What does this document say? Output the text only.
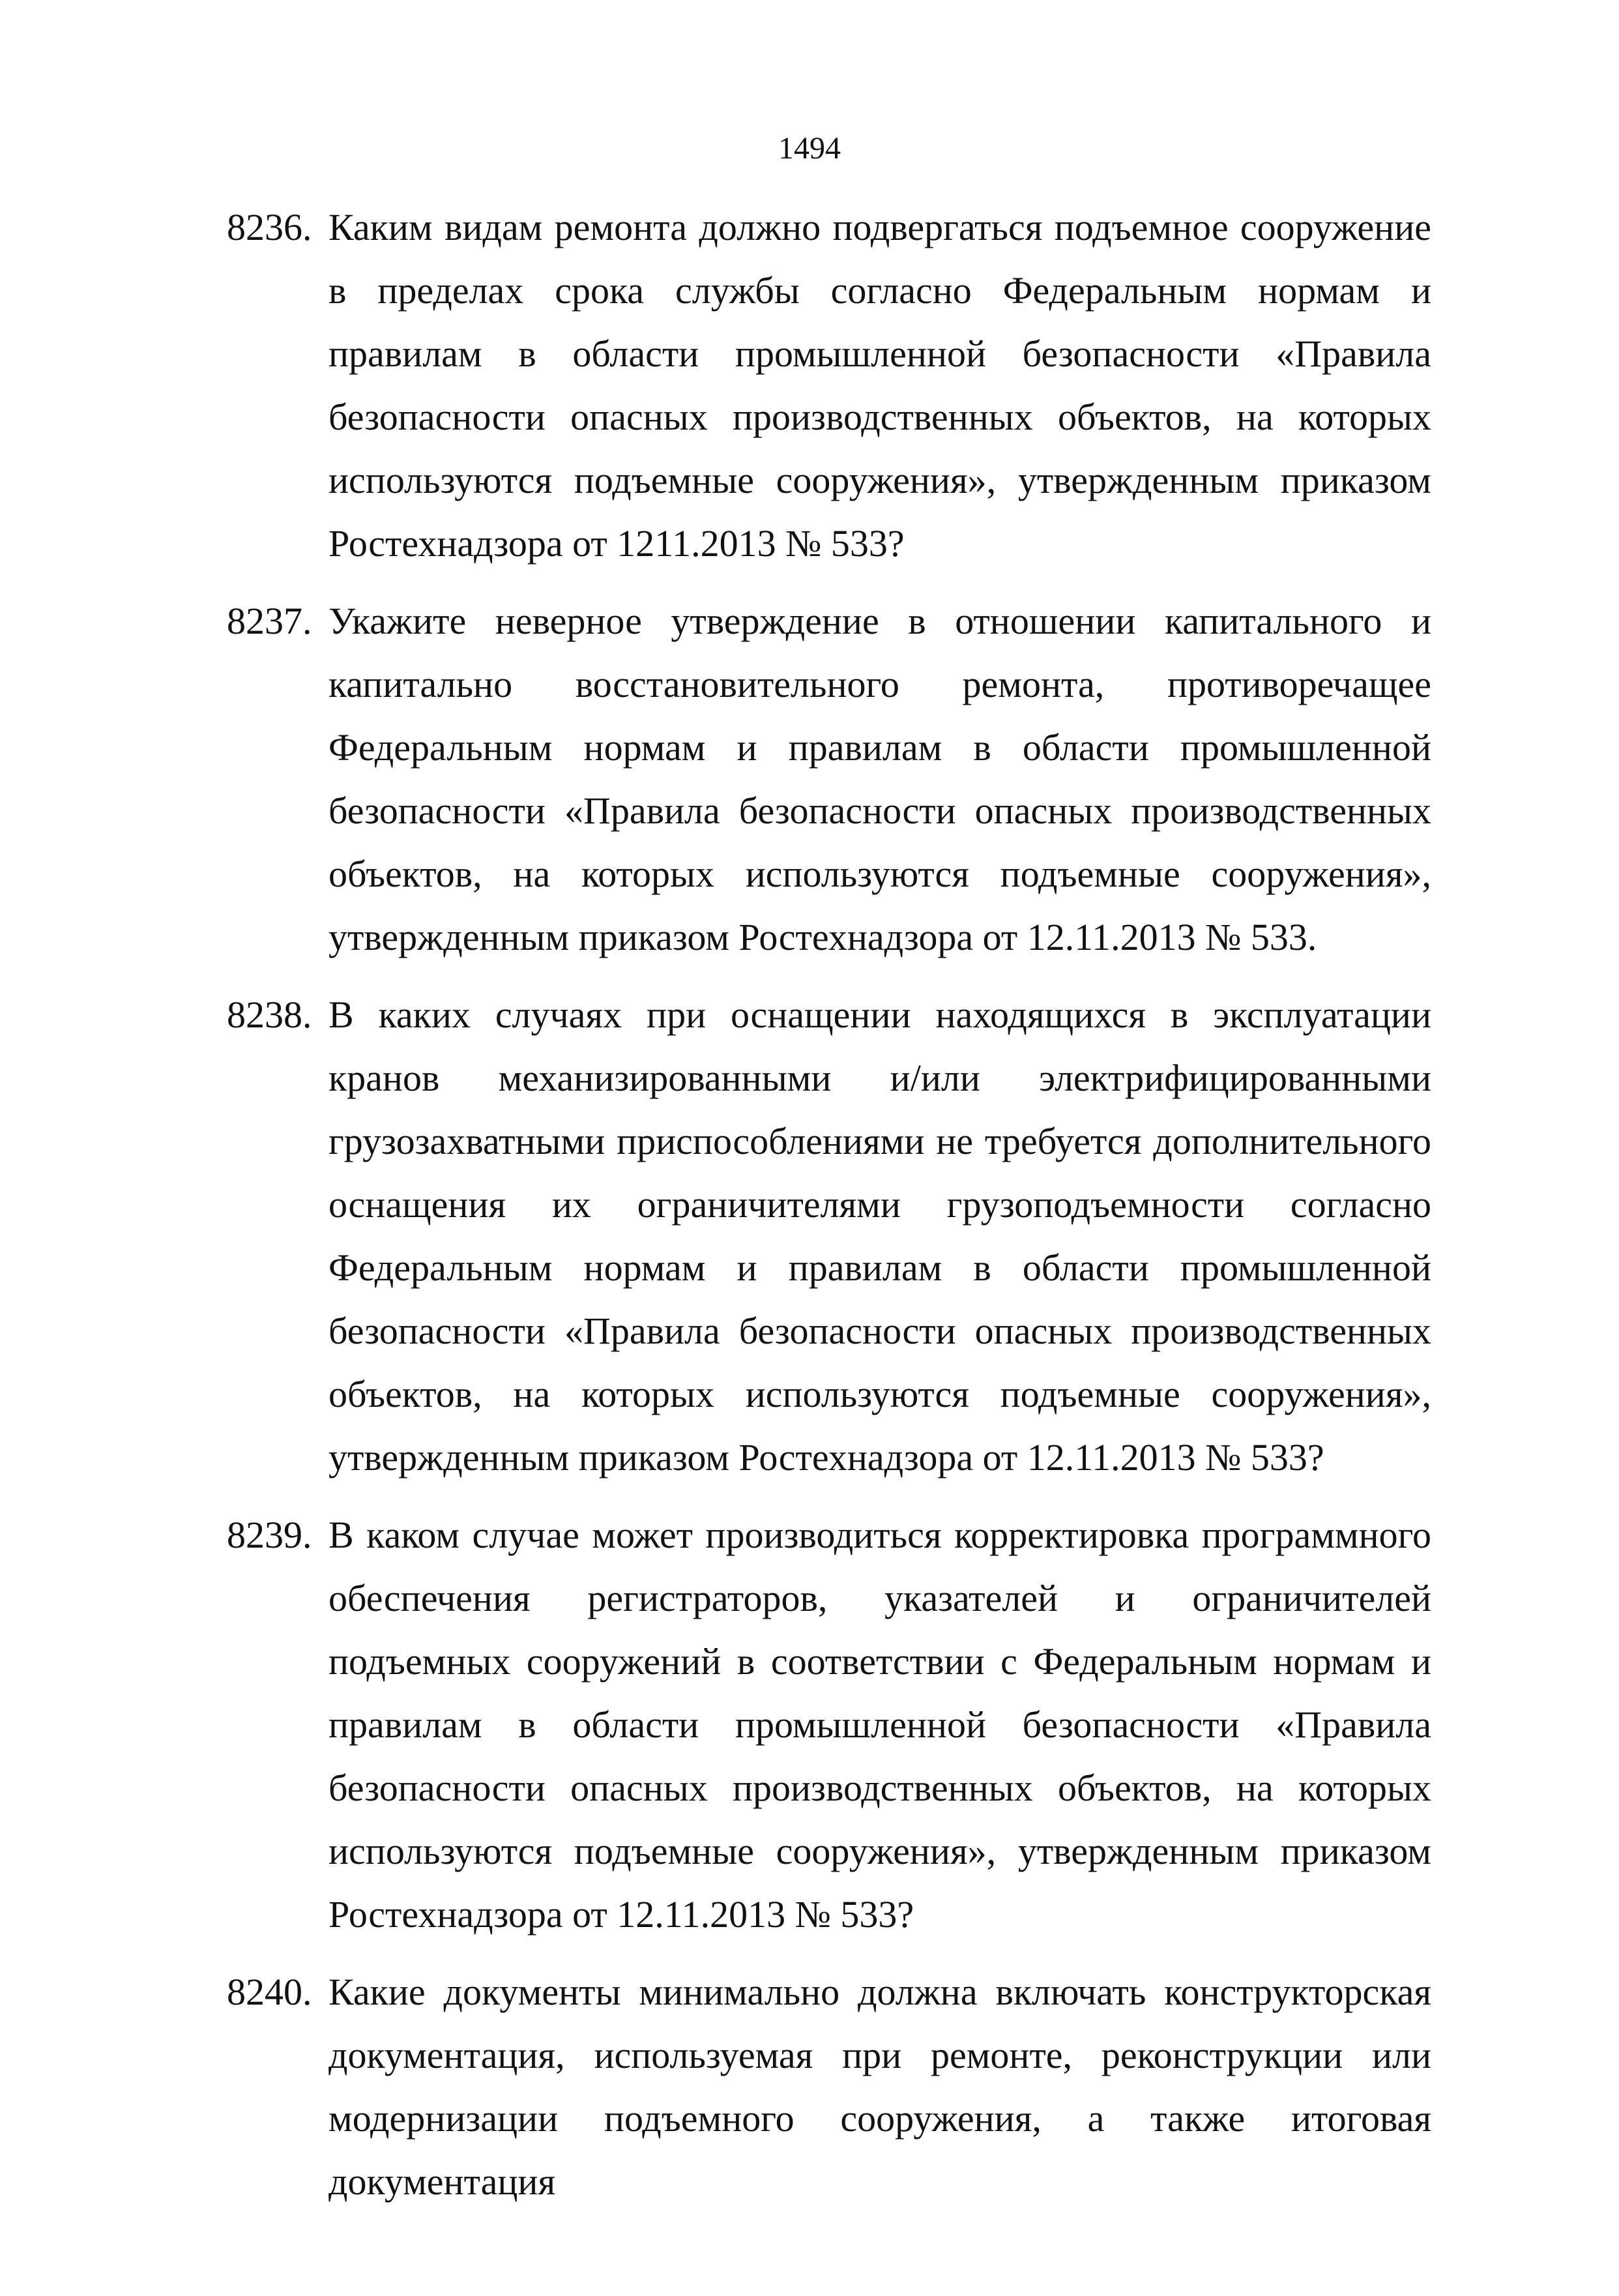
1494
8236. Каким видам ремонта должно подвергаться подъемное сооружение в пределах срока службы согласно Федеральным нормам и правилам в области промышленной безопасности «Правила безопасности опасных производственных объектов, на которых используются подъемные сооружения», утвержденным приказом Ростехнадзора от 1211.2013 № 533?
8237. Укажите неверное утверждение в отношении капитального и капитально восстановительного ремонта, противоречащее Федеральным нормам и правилам в области промышленной безопасности «Правила безопасности опасных производственных объектов, на которых используются подъемные сооружения», утвержденным приказом Ростехнадзора от 12.11.2013 № 533.
8238. В каких случаях при оснащении находящихся в эксплуатации кранов механизированными и/или электрифицированными грузозахватными приспособлениями не требуется дополнительного оснащения их ограничителями грузоподъемности согласно Федеральным нормам и правилам в области промышленной безопасности «Правила безопасности опасных производственных объектов, на которых используются подъемные сооружения», утвержденным приказом Ростехнадзора от 12.11.2013 № 533?
8239. В каком случае может производиться корректировка программного обеспечения регистраторов, указателей и ограничителей подъемных сооружений в соответствии с Федеральным нормам и правилам в области промышленной безопасности «Правила безопасности опасных производственных объектов, на которых используются подъемные сооружения», утвержденным приказом Ростехнадзора от 12.11.2013 № 533?
8240. Какие документы минимально должна включать конструкторская документация, используемая при ремонте, реконструкции или модернизации подъемного сооружения, а также итоговая документация
